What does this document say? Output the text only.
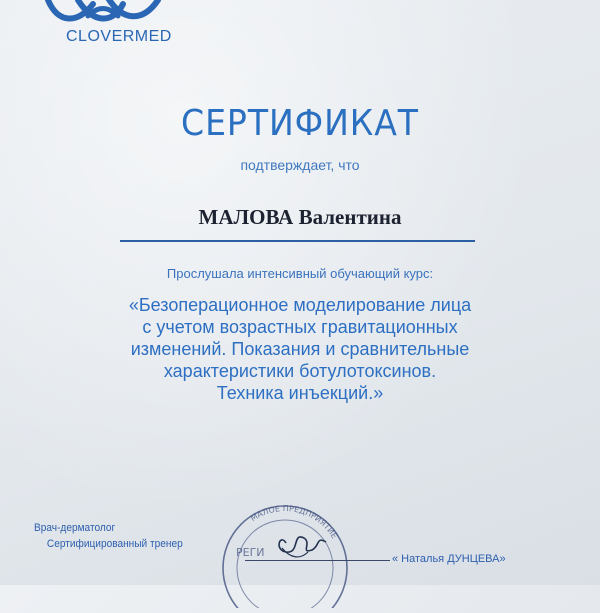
CLOVERMED
СЕРТИФИКАТ
подтверждает, что
МАЛОВА Валентина
Прослушала интенсивный обучающий курс:
«Безоперационное моделирование лица
с учетом возрастных гравитационных
изменений. Показания и сравнительные
характеристики ботулотоксинов.
Техника инъекций.»
Врач-дерматолог
Сертифицированный тренер
МАЛОЕ ПРЕДПРИЯТИЕ
РЕГИ	« Наталья ДУНЦЕВА»
